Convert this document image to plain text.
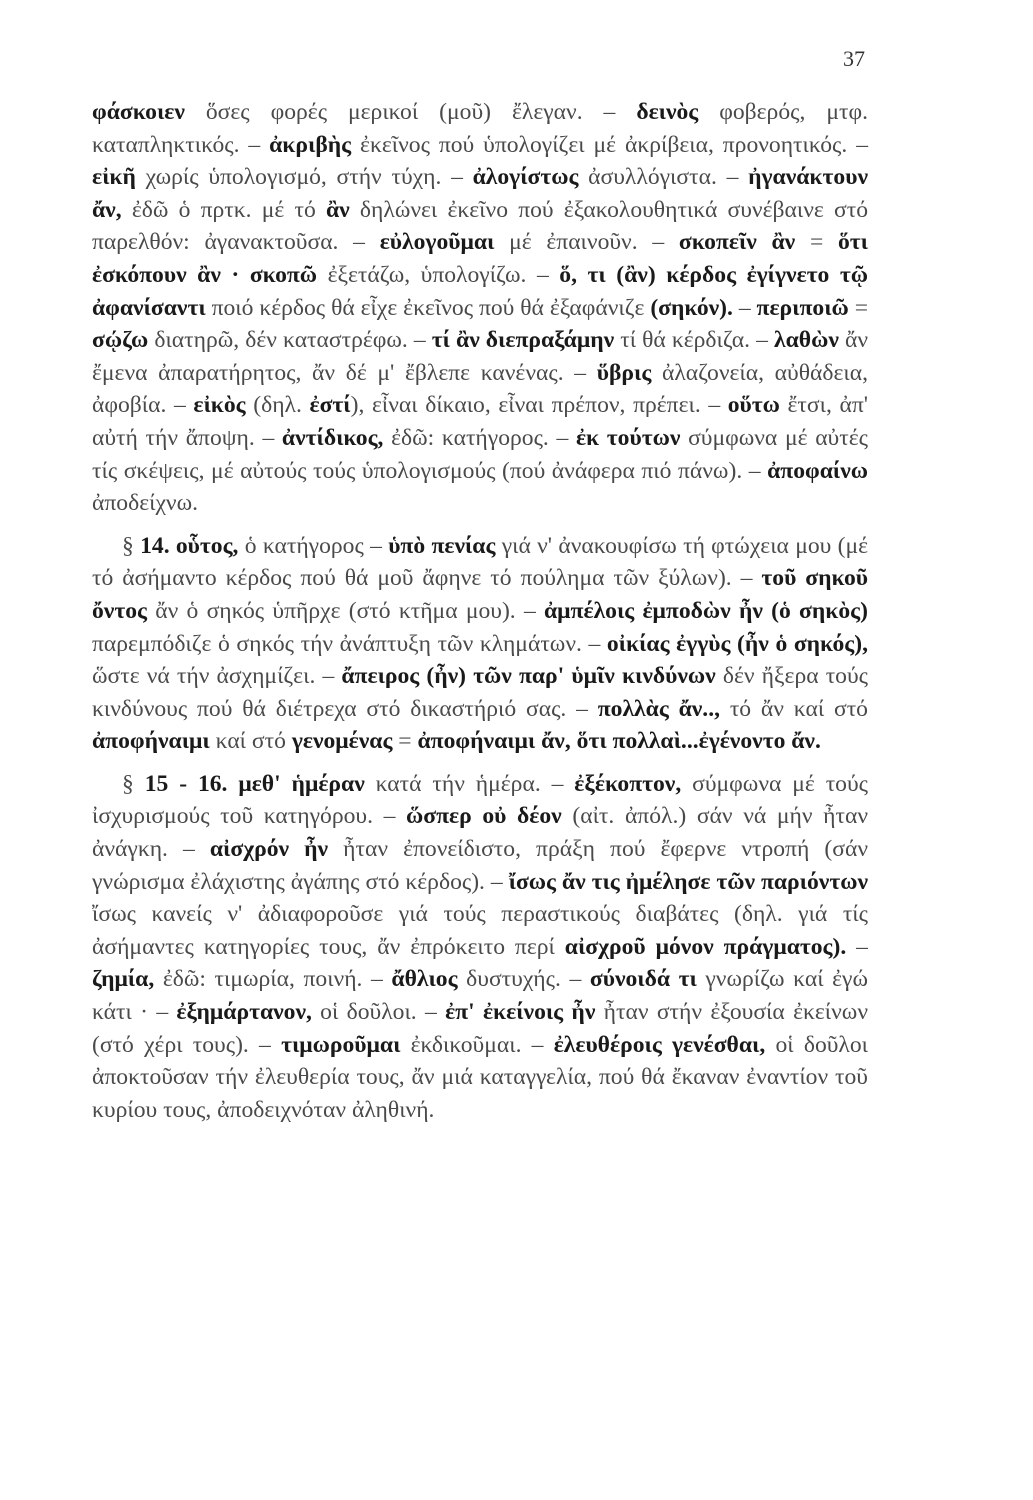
37

φάσκοιεν ὅσες φορές μερικοί (μοῦ) ἔλεγαν. – δεινὸς φοβερός, μτφ. καταπληκτικός. – ἀκριβὴς ἐκεῖνος πού ὑπολογίζει μέ ἀκρίβεια, προνοητικός. – εἰκῆ χωρίς ὑπολογισμό, στήν τύχη. – ἀλογίστως ἀσυλλόγιστα. – ἠγανάκτουν ἄν, ἐδῶ ὁ πρτκ. μέ τό ἂν δηλώνει ἐκεῖνο πού ἐξακολουθητικά συνέβαινε στό παρελθόν: ἀγανακτοῦσα. – εὐλογοῦμαι μέ ἐπαινοῦν. – σκοπεῖν ἂν = ὅτι ἐσκόπουν ἂν · σκοπῶ ἐξετάζω, ὑπολογίζω. – ὅ, τι (ἂν) κέρδος ἐγίγνετο τῷ ἀφανίσαντι ποιό κέρδος θά εἶχε ἐκεῖνος πού θά ἐξαφάνιζε (σηκόν). – περιποιῶ = σῴζω διατηρῶ, δέν καταστρέφω. – τί ἂν διεπραξάμην τί θά κέρδιζα. – λαθὼν ἄν ἔμενα ἀπαρατήρητος, ἄν δέ μ' ἔβλεπε κανένας. – ὕβρις ἀλαζονεία, αὐθάδεια, ἀφοβία. – εἰκὸς (δηλ. ἐστί), εἶναι δίκαιο, εἶναι πρέπον, πρέπει. – οὕτω ἔτσι, ἀπ' αὐτή τήν ἄποψη. – ἀντίδικος, ἐδῶ: κατήγορος. – ἐκ τούτων σύμφωνα μέ αὐτές τίς σκέψεις, μέ αὐτούς τούς ὑπολογισμούς (πού ἀνάφερα πιό πάνω). – ἀποφαίνω ἀποδείχνω.

§ 14. οὗτος, ὁ κατήγορος – ὑπὸ πενίας γιά ν' ἀνακουφίσω τή φτώχεια μου (μέ τό ἀσήμαντο κέρδος πού θά μοῦ ἄφηνε τό πούλημα τῶν ξύλων). – τοῦ σηκοῦ ὄντος ἄν ὁ σηκός ὑπῆρχε (στό κτῆμα μου). – ἀμπέλοις ἐμποδὼν ἦν (ὁ σηκὸς) παρεμπόδιζε ὁ σηκός τήν ἀνάπτυξη τῶν κλημάτων. – οἰκίας ἐγγὺς (ἦν ὁ σηκός), ὥστε νά τήν ἀσχημίζει. – ἄπειρος (ἦν) τῶν παρ' ὑμῖν κινδύνων δέν ἤξερα τούς κινδύνους πού θά διέτρεχα στό δικαστήριό σας. – πολλὰς ἄν.., τό ἄν καί στό ἀποφήναιμι καί στό γενομένας = ἀποφήναιμι ἄν, ὅτι πολλαὶ...ἐγένοντο ἄν.

§ 15 - 16. μεθ' ἡμέραν κατά τήν ἡμέρα. – ἐξέκοπτον, σύμφωνα μέ τούς ἰσχυρισμούς τοῦ κατηγόρου. – ὥσπερ οὐ δέον (αἰτ. ἀπόλ.) σάν νά μήν ἦταν ἀνάγκη. – αἰσχρόν ἦν ἦταν ἐπονείδιστο, πράξη πού ἔφερνε ντροπή (σάν γνώρισμα ἐλάχιστης ἀγάπης στό κέρδος). – ἴσως ἄν τις ἠμέλησε τῶν παριόντων ἴσως κανείς ν' ἀδιαφοροῦσε γιά τούς περαστικούς διαβάτες (δηλ. γιά τίς ἀσήμαντες κατηγορίες τους, ἄν ἐπρόκειτο περί αἰσχροῦ μόνον πράγματος). – ζημία, ἐδῶ: τιμωρία, ποινή. – ἄθλιος δυστυχής. – σύνοιδά τι γνωρίζω καί ἐγώ κάτι · – ἐξημάρτανον, οἱ δοῦλοι. – ἐπ' ἐκείνοις ἦν ἦταν στήν ἐξουσία ἐκείνων (στό χέρι τους). – τιμωροῦμαι ἐκδικοῦμαι. – ἐλευθέροις γενέσθαι, οἱ δοῦλοι ἀποκτοῦσαν τήν ἐλευθερία τους, ἄν μιά καταγγελία, πού θά ἔκαναν ἐναντίον τοῦ κυρίου τους, ἀποδειχνόταν ἀληθινή.
